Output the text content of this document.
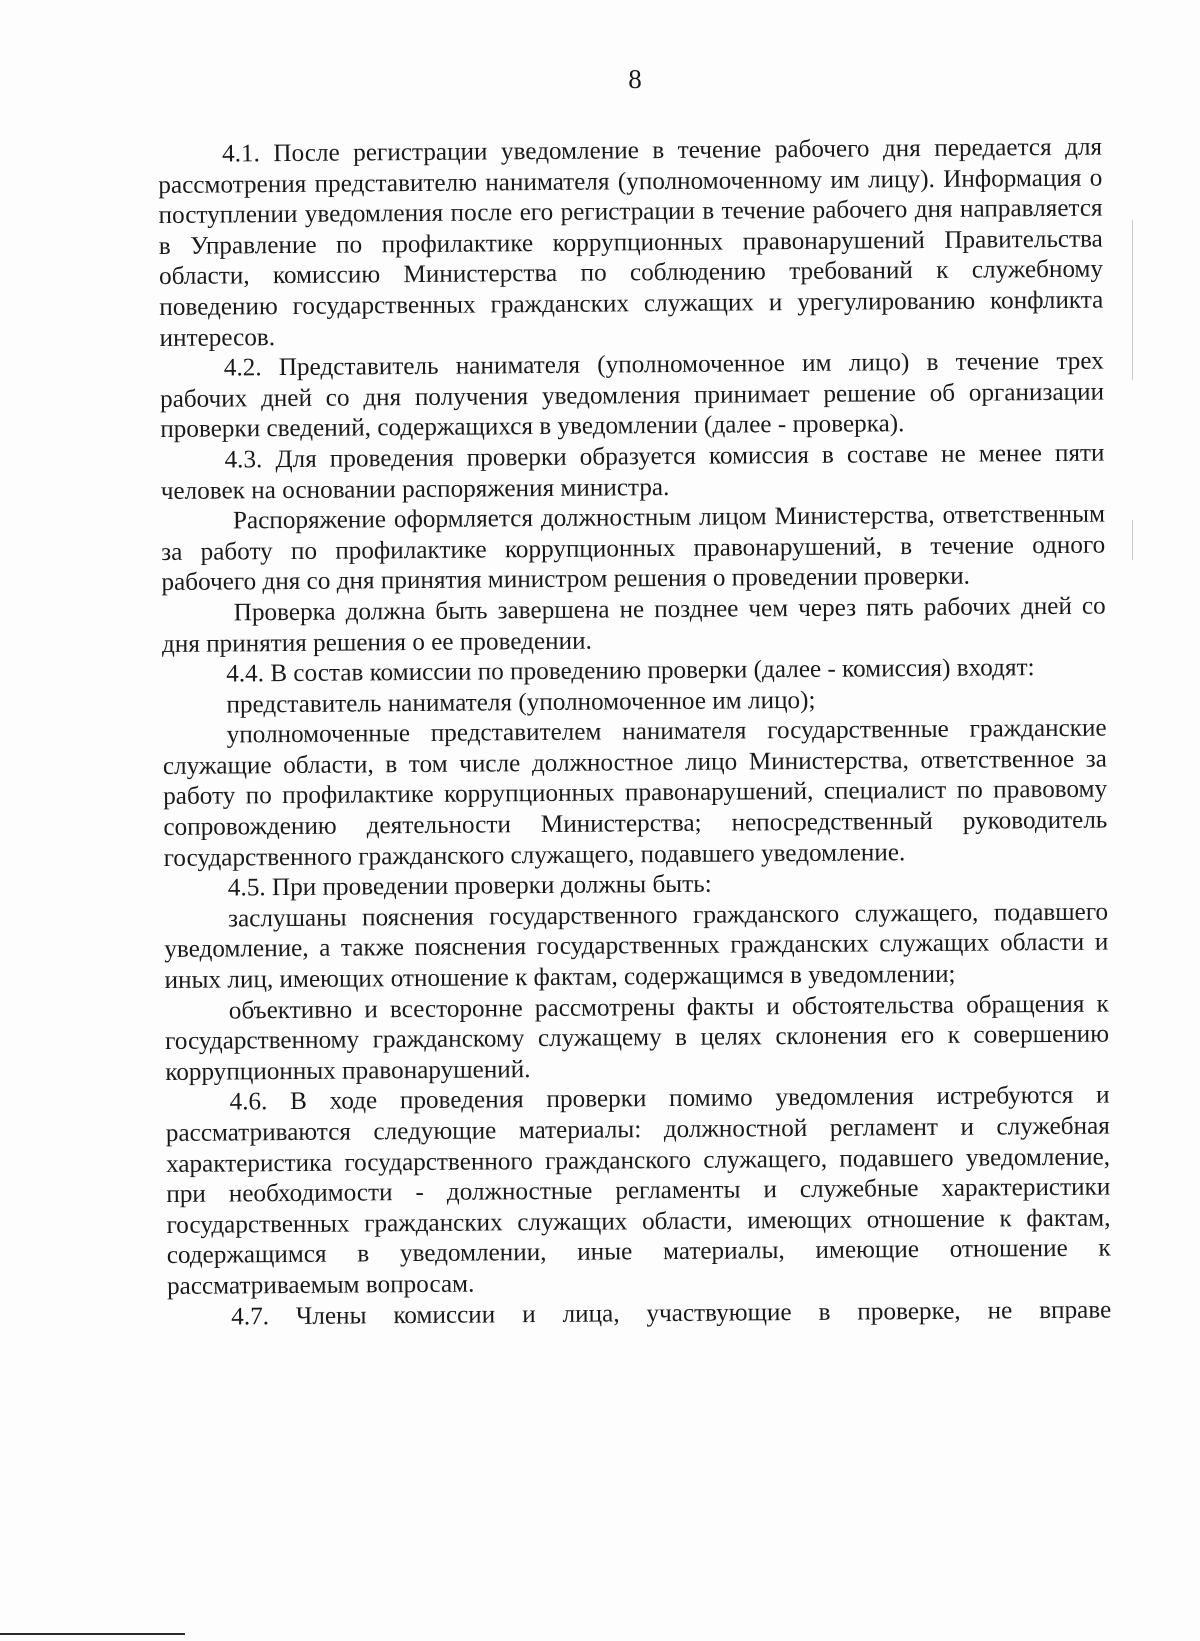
8

4.1. После регистрации уведомление в течение рабочего дня передается для рассмотрения представителю нанимателя (уполномоченному им лицу). Информация о поступлении уведомления после его регистрации в течение рабочего дня направляется в Управление по профилактике коррупционных правонарушений Правительства области, комиссию Министерства по соблюдению требований к служебному поведению государственных гражданских служащих и урегулированию конфликта интересов.

4.2. Представитель нанимателя (уполномоченное им лицо) в течение трех рабочих дней со дня получения уведомления принимает решение об организации проверки сведений, содержащихся в уведомлении (далее - проверка).

4.3. Для проведения проверки образуется комиссия в составе не менее пяти человек на основании распоряжения министра.

Распоряжение оформляется должностным лицом Министерства, ответственным за работу по профилактике коррупционных правонарушений, в течение одного рабочего дня со дня принятия министром решения о проведении проверки.

Проверка должна быть завершена не позднее чем через пять рабочих дней со дня принятия решения о ее проведении.

4.4. В состав комиссии по проведению проверки (далее - комиссия) входят:

представитель нанимателя (уполномоченное им лицо);

уполномоченные представителем нанимателя государственные гражданские служащие области, в том числе должностное лицо Министерства, ответственное за работу по профилактике коррупционных правонарушений, специалист по правовому сопровождению деятельности Министерства; непосредственный руководитель государственного гражданского служащего, подавшего уведомление.

4.5. При проведении проверки должны быть:

заслушаны пояснения государственного гражданского служащего, подавшего уведомление, а также пояснения государственных гражданских служащих области и иных лиц, имеющих отношение к фактам, содержащимся в уведомлении;

объективно и всесторонне рассмотрены факты и обстоятельства обращения к государственному гражданскому служащему в целях склонения его к совершению коррупционных правонарушений.

4.6. В ходе проведения проверки помимо уведомления истребуются и рассматриваются следующие материалы: должностной регламент и служебная характеристика государственного гражданского служащего, подавшего уведомление, при необходимости - должностные регламенты и служебные характеристики государственных гражданских служащих области, имеющих отношение к фактам, содержащимся в уведомлении, иные материалы, имеющие отношение к рассматриваемым вопросам.

4.7. Члены комиссии и лица, участвующие в проверке, не вправе
